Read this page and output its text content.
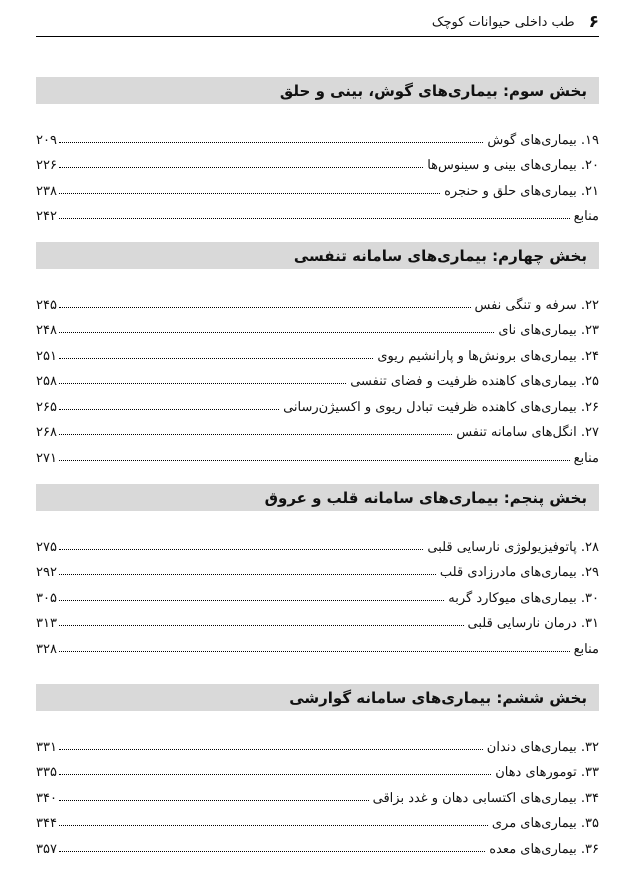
۶
طب داخلی حیوانات کوچک
بخش سوم: بیماری‌های گوش، بینی و حلق
۱۹. بیماری‌های گوش
۲۰۹
۲۰. بیماری‌های بینی و سینوس‌ها
۲۲۶
۲۱. بیماری‌های حلق و حنجره
۲۳۸
منابع
۲۴۲
بخش چهارم: بیماری‌های سامانه تنفسی
۲۲. سرفه و تنگی نفس
۲۴۵
۲۳. بیماری‌های نای
۲۴۸
۲۴. بیماری‌های برونش‌ها و پارانشیم ریوی
۲۵۱
۲۵. بیماری‌های کاهنده ظرفیت و فضای تنفسی
۲۵۸
۲۶. بیماری‌های کاهنده ظرفیت تبادل ریوی و اکسیژن‌رسانی
۲۶۵
۲۷. انگل‌های سامانه تنفس
۲۶۸
منابع
۲۷۱
بخش پنجم: بیماری‌های سامانه قلب و عروق
۲۸. پاتوفیزیولوژی نارسایی قلبی
۲۷۵
۲۹. بیماری‌های مادرزادی قلب
۲۹۲
۳۰. بیماری‌های میوکارد گربه
۳۰۵
۳۱. درمان نارسایی قلبی
۳۱۳
منابع
۳۲۸
بخش ششم: بیماری‌های سامانه گوارشی
۳۲. بیماری‌های دندان
۳۳۱
۳۳. تومورهای دهان
۳۳۵
۳۴. بیماری‌های اکتسابی دهان و غدد بزاقی
۳۴۰
۳۵. بیماری‌های مری
۳۴۴
۳۶. بیماری‌های معده
۳۵۷
